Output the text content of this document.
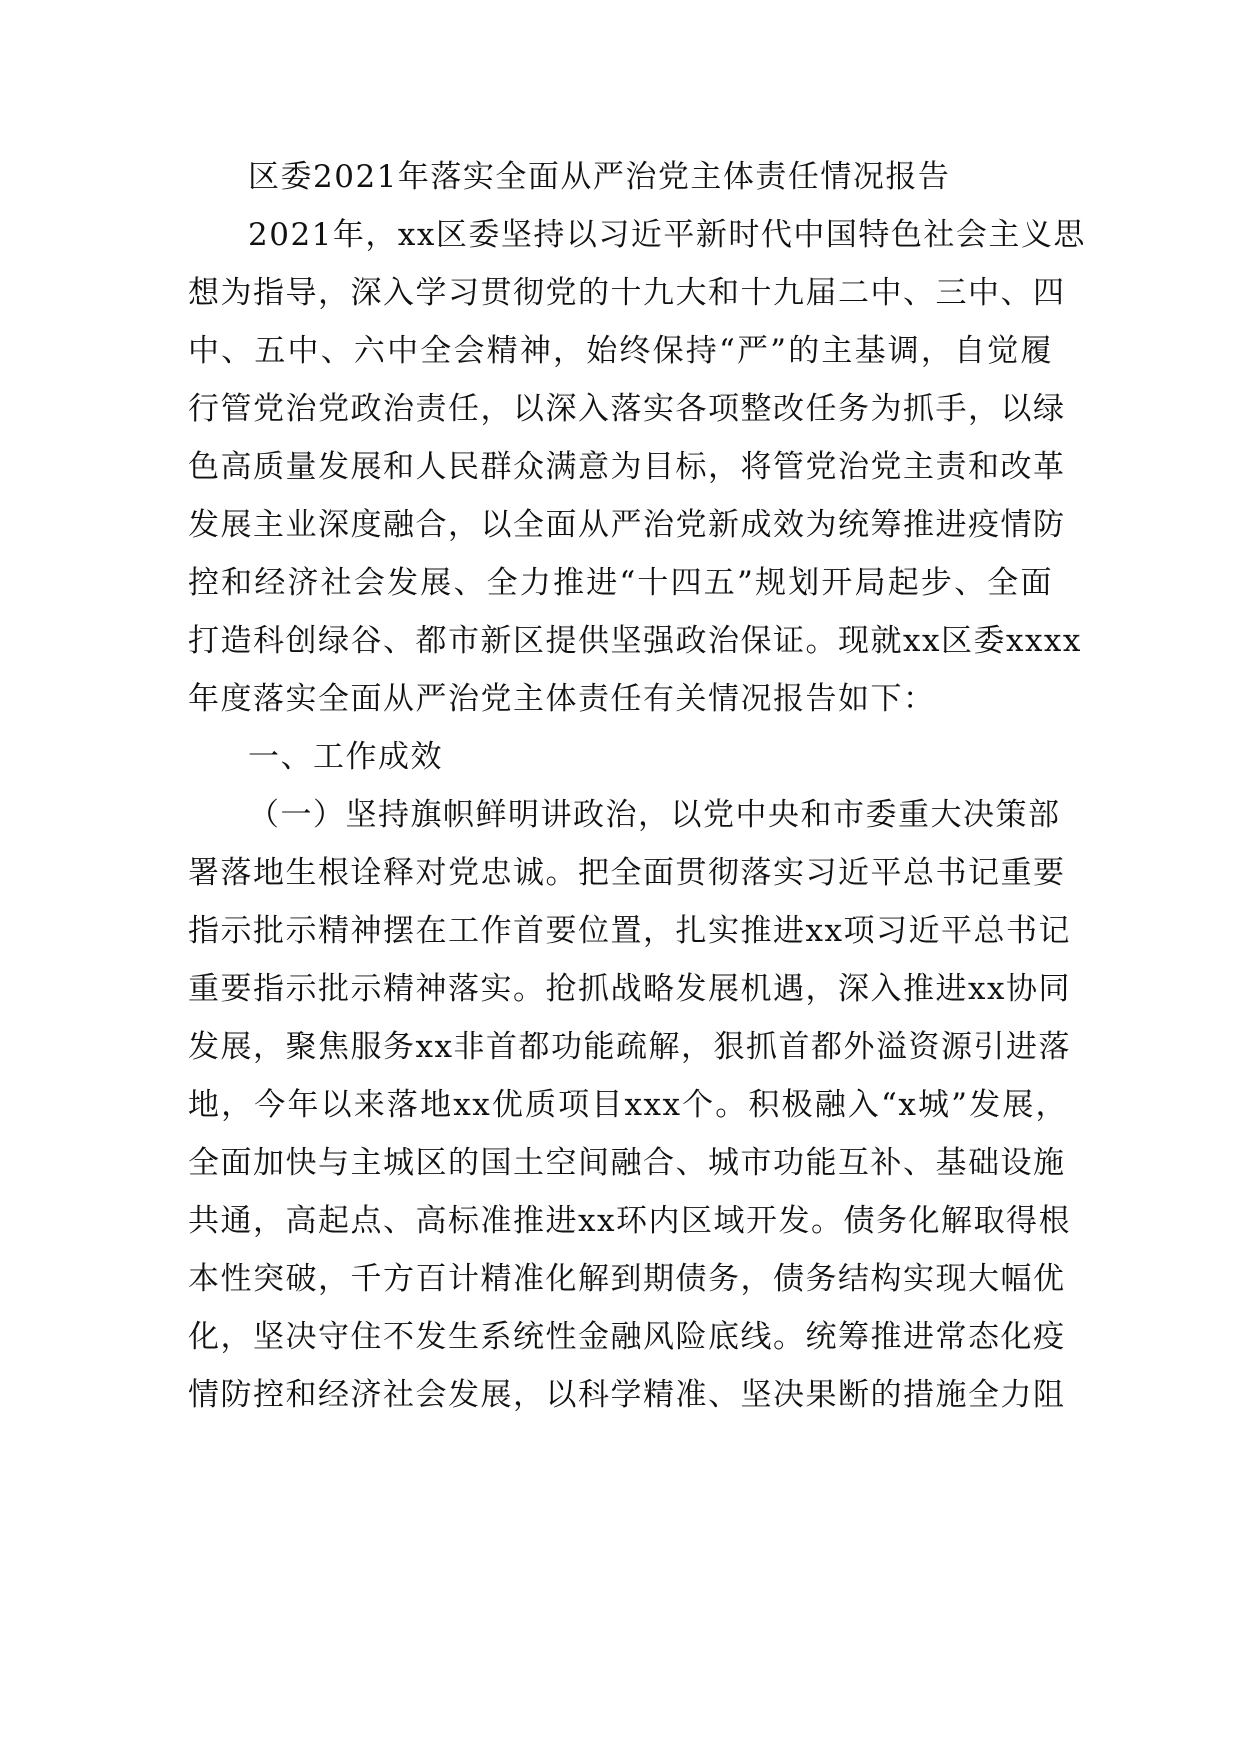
区委2021年落实全面从严治党主体责任情况报告
2021年，xx区委坚持以习近平新时代中国特色社会主义思
想为指导，深入学习贯彻党的十九大和十九届二中、三中、四
中、五中、六中全会精神，始终保持“严”的主基调，自觉履
行管党治党政治责任，以深入落实各项整改任务为抓手，以绿
色高质量发展和人民群众满意为目标，将管党治党主责和改革
发展主业深度融合，以全面从严治党新成效为统筹推进疫情防
控和经济社会发展、全力推进“十四五”规划开局起步、全面
打造科创绿谷、都市新区提供坚强政治保证。现就xx区委xxxx
年度落实全面从严治党主体责任有关情况报告如下：
一、工作成效
（一）坚持旗帜鲜明讲政治，以党中央和市委重大决策部
署落地生根诠释对党忠诚。把全面贯彻落实习近平总书记重要
指示批示精神摆在工作首要位置，扎实推进xx项习近平总书记
重要指示批示精神落实。抢抓战略发展机遇，深入推进xx协同
发展，聚焦服务xx非首都功能疏解，狠抓首都外溢资源引进落
地，今年以来落地xx优质项目xxx个。积极融入“x城”发展，
全面加快与主城区的国土空间融合、城市功能互补、基础设施
共通，高起点、高标准推进xx环内区域开发。债务化解取得根
本性突破，千方百计精准化解到期债务，债务结构实现大幅优
化，坚决守住不发生系统性金融风险底线。统筹推进常态化疫
情防控和经济社会发展，以科学精准、坚决果断的措施全力阻
